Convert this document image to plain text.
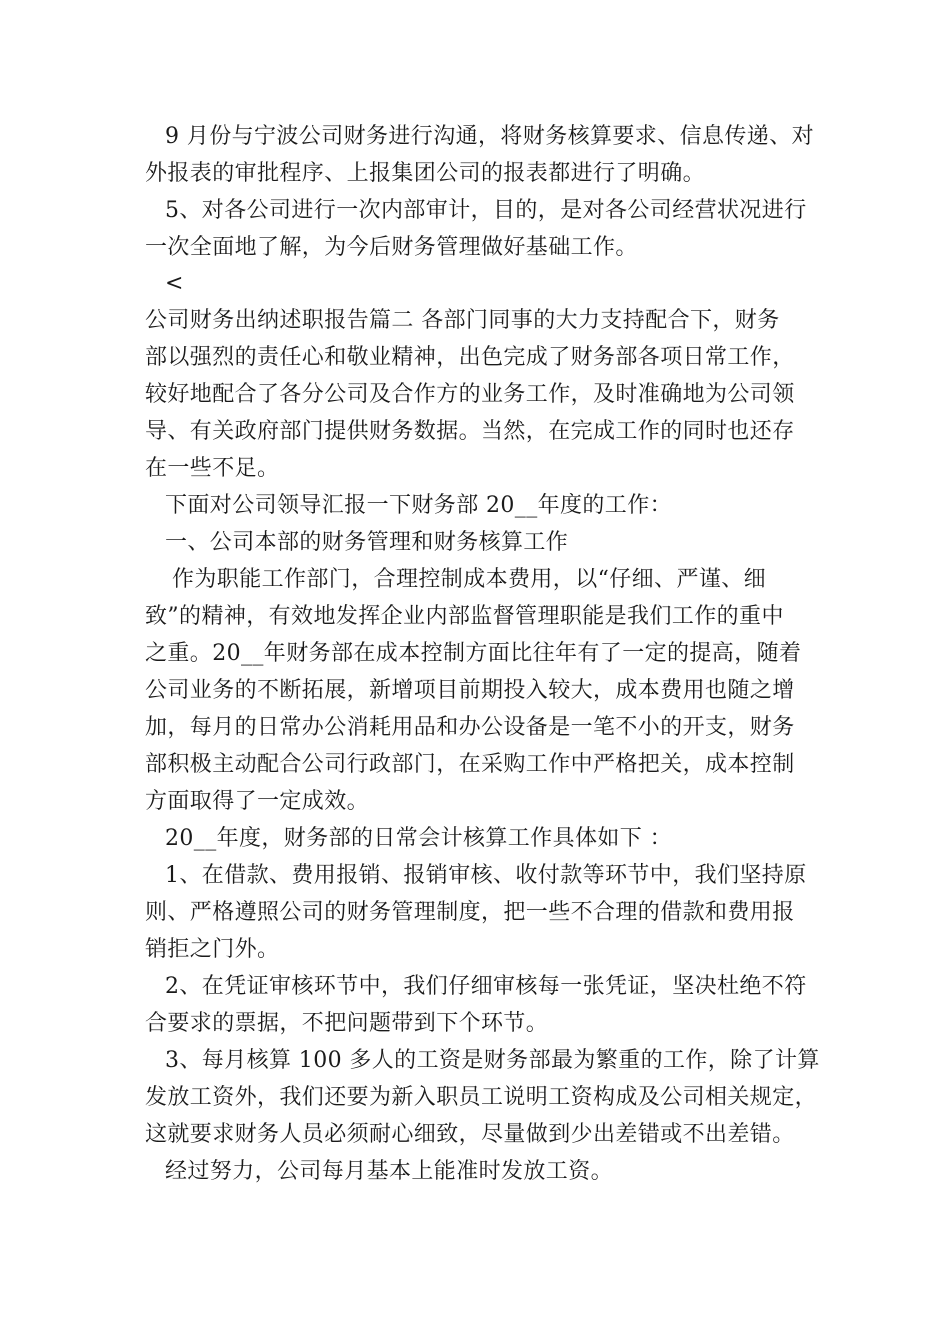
9 月份与宁波公司财务进行沟通，将财务核算要求、信息传递、对
外报表的审批程序、上报集团公司的报表都进行了明确。
5、对各公司进行一次内部审计，目的，是对各公司经营状况进行
一次全面地了解，为今后财务管理做好基础工作。
<
公司财务出纳述职报告篇二 各部门同事的大力支持配合下，财务
部以强烈的责任心和敬业精神，出色完成了财务部各项日常工作，
较好地配合了各分公司及合作方的业务工作，及时准确地为公司领
导、有关政府部门提供财务数据。当然，在完成工作的同时也还存
在一些不足。
下面对公司领导汇报一下财务部 20__年度的工作：
一、公司本部的财务管理和财务核算工作
作为职能工作部门，合理控制成本费用，以“仔细、严谨、细
致”的精神，有效地发挥企业内部监督管理职能是我们工作的重中
之重。20__年财务部在成本控制方面比往年有了一定的提高，随着
公司业务的不断拓展，新增项目前期投入较大，成本费用也随之增
加，每月的日常办公消耗用品和办公设备是一笔不小的开支，财务
部积极主动配合公司行政部门，在采购工作中严格把关，成本控制
方面取得了一定成效。
20__年度，财务部的日常会计核算工作具体如下 ：
1、在借款、费用报销、报销审核、收付款等环节中，我们坚持原
则、严格遵照公司的财务管理制度，把一些不合理的借款和费用报
销拒之门外。
2、在凭证审核环节中，我们仔细审核每一张凭证，坚决杜绝不符
合要求的票据，不把问题带到下个环节。
3、每月核算 100 多人的工资是财务部最为繁重的工作，除了计算
发放工资外，我们还要为新入职员工说明工资构成及公司相关规定，
这就要求财务人员必须耐心细致，尽量做到少出差错或不出差错。
经过努力，公司每月基本上能准时发放工资。
